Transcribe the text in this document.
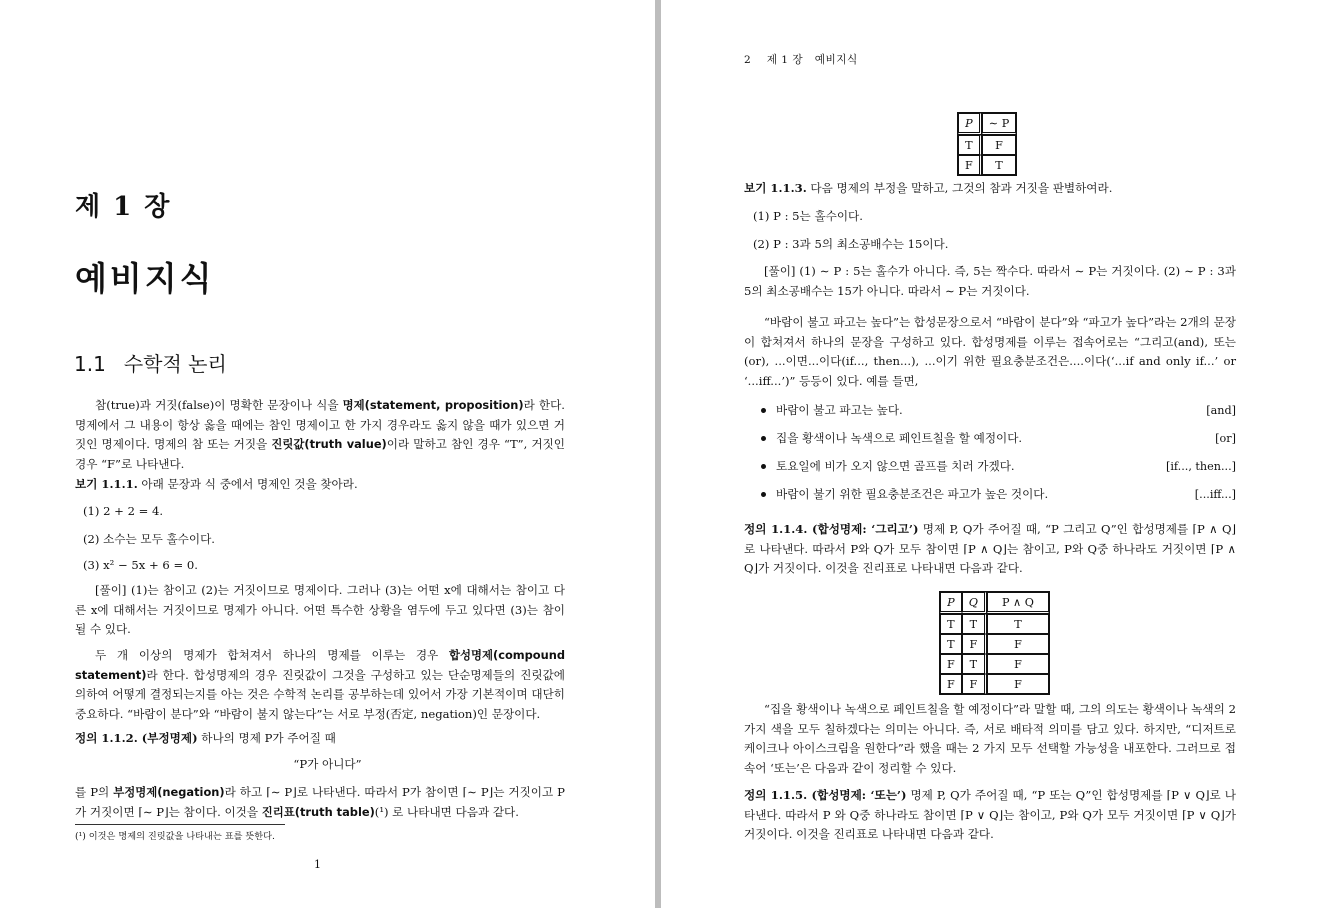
제 1 장
예비지식
1.1 수학적 논리
참(true)과 거짓(false)이 명확한 문장이나 식을 명제(statement, proposition)라 한다. 명제에서 그 내용이 항상 옳을 때에는 참인 명제이고 한 가지 경우라도 옳지 않을 때가 있으면 거짓인 명제이다. 명제의 참 또는 거짓을 진릿값(truth value)이라 말하고 참인 경우 “T”, 거짓인 경우 “F”로 나타낸다.
보기 1.1.1. 아래 문장과 식 중에서 명제인 것을 찾아라.
(1) 2 + 2 = 4.
(2) 소수는 모두 홀수이다.
(3) x² − 5x + 6 = 0.
[풀이] (1)는 참이고 (2)는 거짓이므로 명제이다. 그러나 (3)는 어떤 x에 대해서는 참이고 다른 x에 대해서는 거짓이므로 명제가 아니다. 어떤 특수한 상황을 염두에 두고 있다면 (3)는 참이 될 수 있다.
두 개 이상의 명제가 합쳐져서 하나의 명제를 이루는 경우 합성명제(compound statement)라 한다. 합성명제의 경우 진릿값이 그것을 구성하고 있는 단순명제들의 진릿값에 의하여 어떻게 결정되는지를 아는 것은 수학적 논리를 공부하는데 있어서 가장 기본적이며 대단히 중요하다. “바람이 분다”와 “바람이 불지 않는다”는 서로 부정(否定, negation)인 문장이다.
정의 1.1.2. (부정명제) 하나의 명제 P가 주어질 때
“P가 아니다”
를 P의 부정명제(negation)라 하고 ⌈∼ P⌋로 나타낸다. 따라서 P가 참이면 ⌈∼ P⌋는 거짓이고 P가 거짓이면 ⌈∼ P⌋는 참이다. 이것을 진리표(truth table)(¹) 로 나타내면 다음과 같다.
(¹) 이것은 명제의 진릿값을 나타내는 표를 뜻한다.
1
2    제 1 장   예비지식
P	∼ P
T	F
F	T
보기 1.1.3. 다음 명제의 부정을 말하고, 그것의 참과 거짓을 판별하여라.
(1) P : 5는 홀수이다.
(2) P : 3과 5의 최소공배수는 15이다.
[풀이] (1) ∼ P : 5는 홀수가 아니다. 즉, 5는 짝수다. 따라서 ∼ P는 거짓이다. (2) ∼ P : 3과 5의 최소공배수는 15가 아니다. 따라서 ∼ P는 거짓이다.
“바람이 불고 파고는 높다”는 합성문장으로서 “바람이 분다”와 “파고가 높다”라는 2개의 문장이 합쳐져서 하나의 문장을 구성하고 있다. 합성명제를 이루는 접속어로는 “그리고(and), 또는(or), ...이면...이다(if..., then...), ...이기 위한 필요충분조건은....이다(‘...if and only if...’ or ‘...iff...’)” 등등이 있다. 예를 들면,
바람이 불고 파고는 높다.	[and]
집을 황색이나 녹색으로 페인트칠을 할 예정이다.	[or]
토요일에 비가 오지 않으면 골프를 치러 가겠다.	[if..., then...]
바람이 불기 위한 필요충분조건은 파고가 높은 것이다.	[...iff...]
정의 1.1.4. (합성명제: ‘그리고’) 명제 P, Q가 주어질 때, “P 그리고 Q”인 합성명제를 ⌈P ∧ Q⌋로 나타낸다. 따라서 P와 Q가 모두 참이면 ⌈P ∧ Q⌋는 참이고, P와 Q중 하나라도 거짓이면 ⌈P ∧ Q⌋가 거짓이다. 이것을 진리표로 나타내면 다음과 같다.
P	Q	P ∧ Q
T	T	T
T	F	F
F	T	F
F	F	F
“집을 황색이나 녹색으로 페인트칠을 할 예정이다”라 말할 때, 그의 의도는 황색이나 녹색의 2가지 색을 모두 칠하겠다는 의미는 아니다. 즉, 서로 배타적 의미를 담고 있다. 하지만, “디저트로 케이크나 아이스크림을 원한다”라 했을 때는 2 가지 모두 선택할 가능성을 내포한다. 그러므로 접속어 ‘또는’은 다음과 같이 정리할 수 있다.
정의 1.1.5. (합성명제: ‘또는’) 명제 P, Q가 주어질 때, “P 또는 Q”인 합성명제를 ⌈P ∨ Q⌋로 나타낸다. 따라서 P 와 Q중 하나라도 참이면 ⌈P ∨ Q⌋는 참이고, P와 Q가 모두 거짓이면 ⌈P ∨ Q⌋가 거짓이다. 이것을 진리표로 나타내면 다음과 같다.
